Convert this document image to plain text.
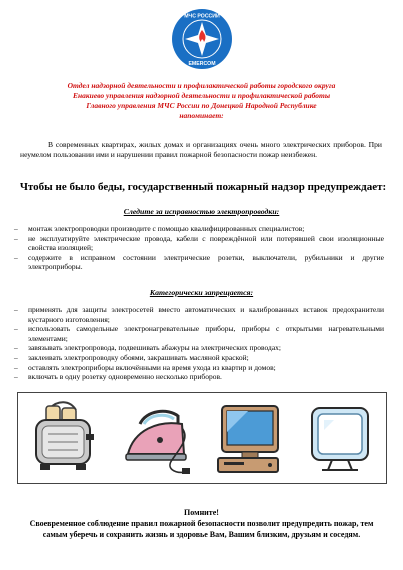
МЧС РОССИИ
EMERCOM
Отдел надзорной деятельности и профилактической работы городского округа
Енакиево управления надзорной деятельности и профилактической работы
Главного управления МЧС России по Донецкой Народной Республике
напоминает:
В современных квартирах, жилых домах и организациях очень много электрических приборов. При неумелом пользовании ими и нарушении правил пожарной безопасности пожар неизбежен.
Чтобы не было беды, государственный пожарный надзор предупреждает:
Следите за исправностью электропроводки:
– монтаж электропроводки производите с помощью квалифицированных специалистов;
– не эксплуатируйте электрические провода, кабели с повреждённой или потерявшей свои изоляционные свойства изоляцией;
– содержите в исправном состоянии электрические розетки, выключатели, рубильники и другие электроприборы.
Категорически запрещается:
– применять для защиты электросетей вместо автоматических и калиброванных вставок предохранители кустарного изготовления;
– использовать самодельные электронагревательные приборы, приборы с открытыми нагревательными элементами;
– завязывать электропровода, подвешивать абажуры на электрических проводах;
– заклеивать электропроводку обоями, закрашивать масляной краской;
– оставлять электроприборы включёнными на время ухода из квартир и домов;
– включать в одну розетку одновременно несколько приборов.
Помните!
Своевременное соблюдение правил пожарной безопасности позволит предупредить пожар, тем самым уберечь и сохранить жизнь и здоровье Вам, Вашим близким, друзьям и соседям.
